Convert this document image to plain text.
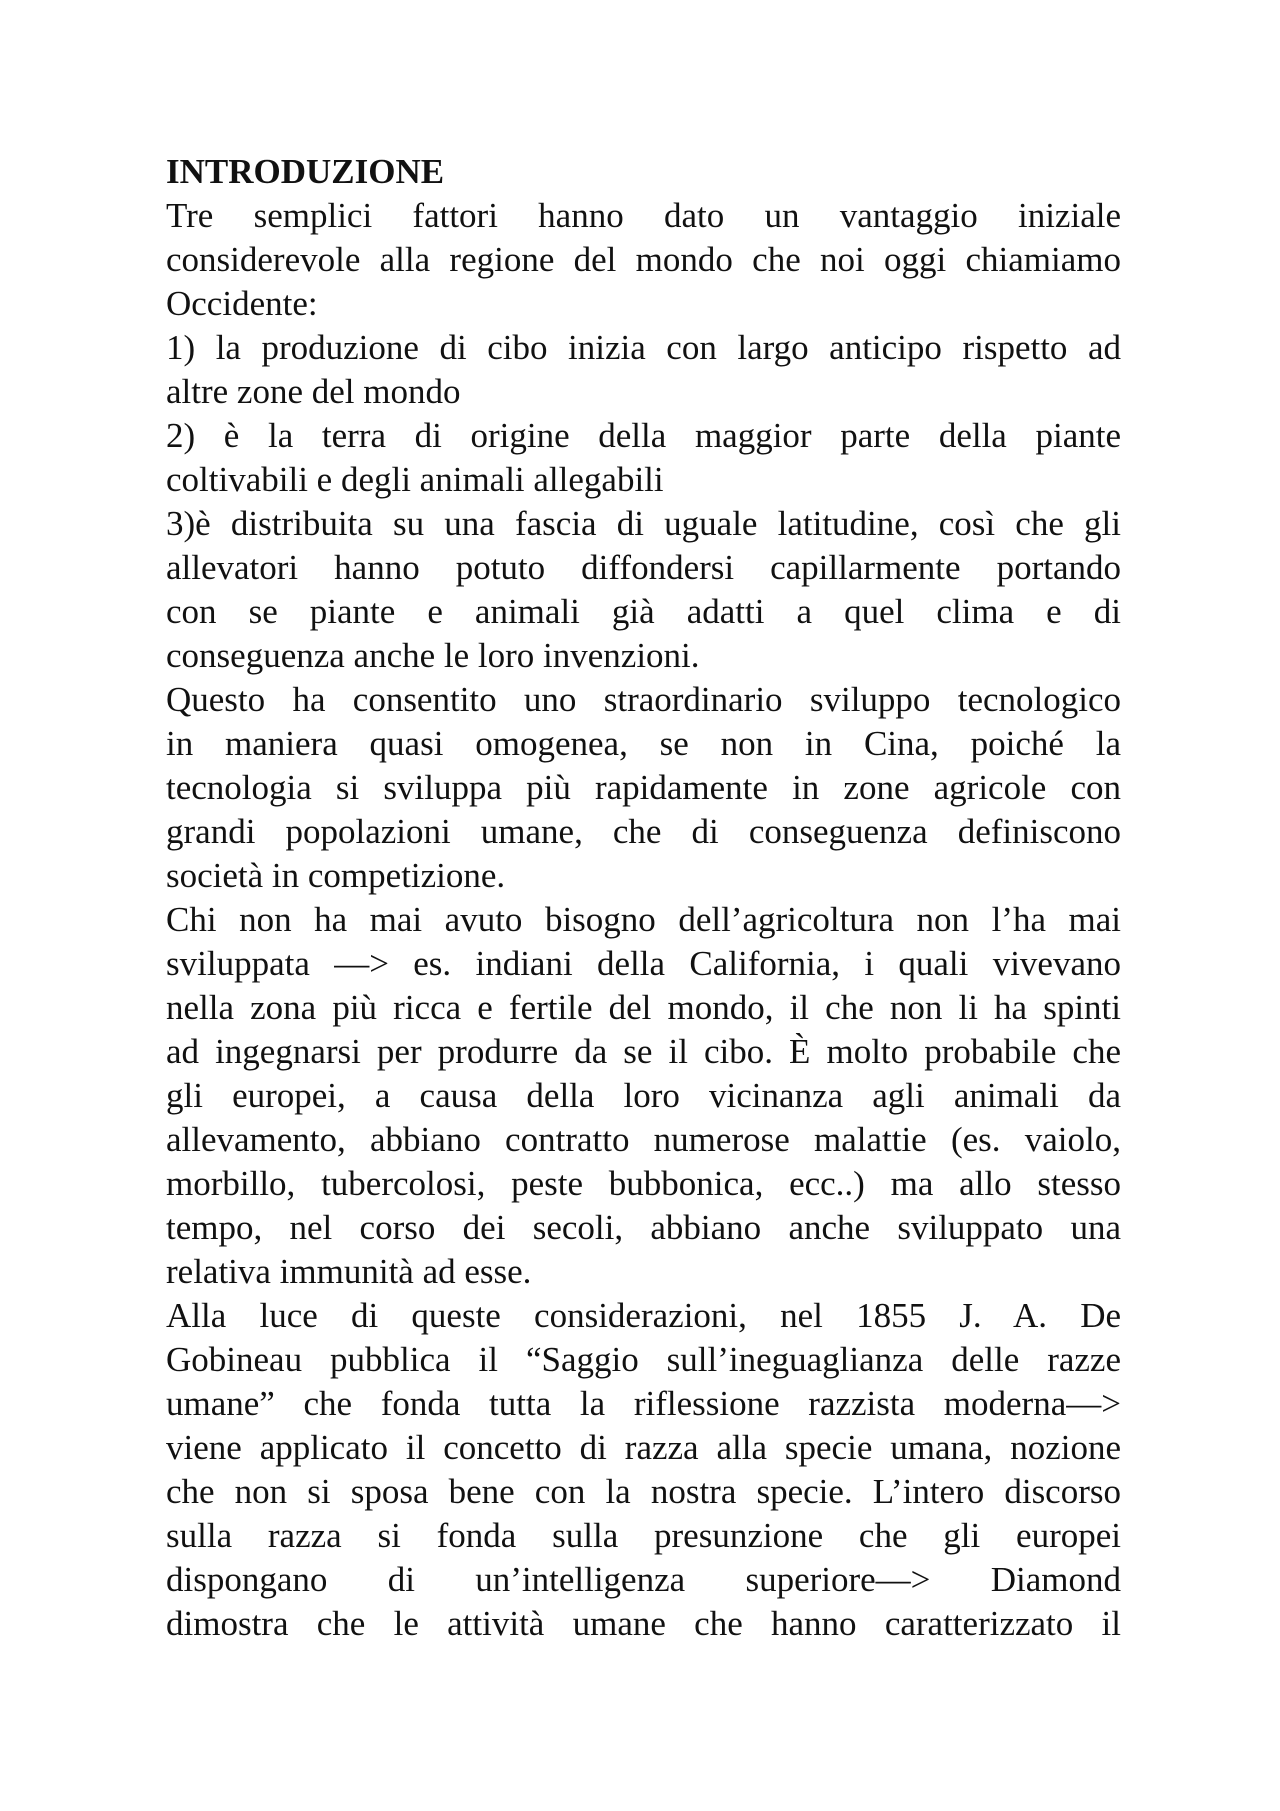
INTRODUZIONE
Tre semplici fattori hanno dato un vantaggio iniziale
considerevole alla regione del mondo che noi oggi chiamiamo
Occidente:
1) la produzione di cibo inizia con largo anticipo rispetto ad
altre zone del mondo
2) è la terra di origine della maggior parte della piante
coltivabili e degli animali allegabili
3)è distribuita su una fascia di uguale latitudine, così che gli
allevatori hanno potuto diffondersi capillarmente portando
con se piante e animali già adatti a quel clima e di
conseguenza anche le loro invenzioni.
Questo ha consentito uno straordinario sviluppo tecnologico
in maniera quasi omogenea, se non in Cina, poiché la
tecnologia si sviluppa più rapidamente in zone agricole con
grandi popolazioni umane, che di conseguenza definiscono
società in competizione.
Chi non ha mai avuto bisogno dell’agricoltura non l’ha mai
sviluppata —> es. indiani della California, i quali vivevano
nella zona più ricca e fertile del mondo, il che non li ha spinti
ad ingegnarsi per produrre da se il cibo. È molto probabile che
gli europei, a causa della loro vicinanza agli animali da
allevamento, abbiano contratto numerose malattie (es. vaiolo,
morbillo, tubercolosi, peste bubbonica, ecc..) ma allo stesso
tempo, nel corso dei secoli, abbiano anche sviluppato una
relativa immunità ad esse.
Alla luce di queste considerazioni, nel 1855 J. A. De
Gobineau pubblica il “Saggio sull’ineguaglianza delle razze
umane” che fonda tutta la riflessione razzista moderna—>
viene applicato il concetto di razza alla specie umana, nozione
che non si sposa bene con la nostra specie. L’intero discorso
sulla razza si fonda sulla presunzione che gli europei
dispongano di un’intelligenza superiore—> Diamond
dimostra che le attività umane che hanno caratterizzato il
